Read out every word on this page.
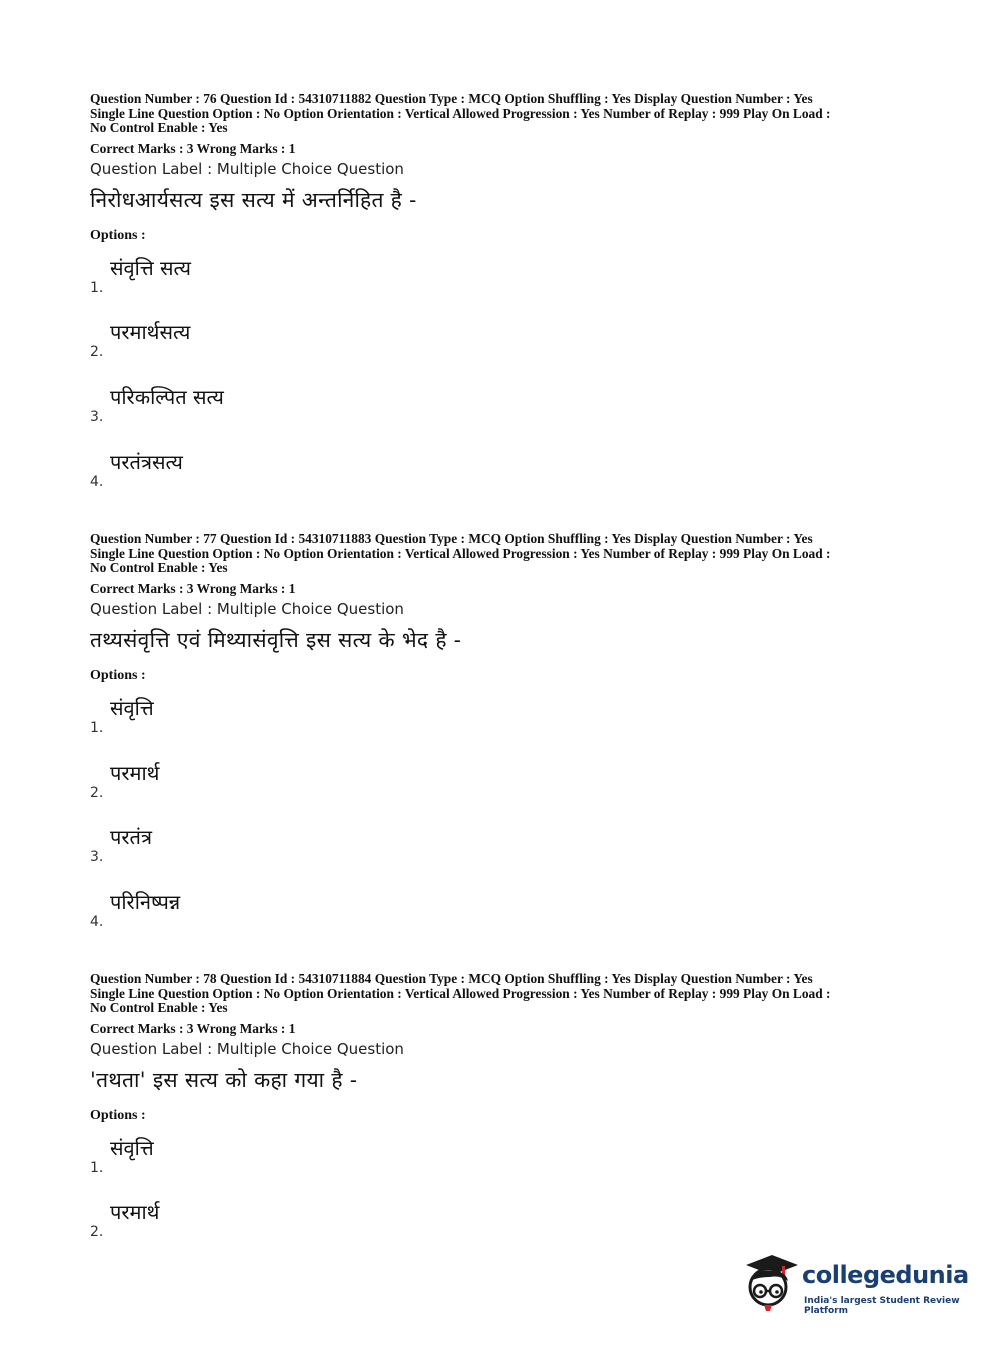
Question Number : 76 Question Id : 54310711882 Question Type : MCQ Option Shuffling : Yes Display Question Number : Yes
Single Line Question Option : No Option Orientation : Vertical Allowed Progression : Yes Number of Replay : 999 Play On Load :
No Control Enable : Yes
Correct Marks : 3 Wrong Marks : 1
Question Label : Multiple Choice Question
निरोधआर्यसत्य इस सत्य में अन्तर्निहित है -
Options :
1.
संवृत्ति सत्य
2.
परमार्थसत्य
3.
परिकल्पित सत्य
4.
परतंत्रसत्य
Question Number : 77 Question Id : 54310711883 Question Type : MCQ Option Shuffling : Yes Display Question Number : Yes
Single Line Question Option : No Option Orientation : Vertical Allowed Progression : Yes Number of Replay : 999 Play On Load :
No Control Enable : Yes
Correct Marks : 3 Wrong Marks : 1
Question Label : Multiple Choice Question
तथ्यसंवृत्ति एवं मिथ्यासंवृत्ति इस सत्य के भेद है -
Options :
1.
संवृत्ति
2.
परमार्थ
3.
परतंत्र
4.
परिनिष्पन्न
Question Number : 78 Question Id : 54310711884 Question Type : MCQ Option Shuffling : Yes Display Question Number : Yes
Single Line Question Option : No Option Orientation : Vertical Allowed Progression : Yes Number of Replay : 999 Play On Load :
No Control Enable : Yes
Correct Marks : 3 Wrong Marks : 1
Question Label : Multiple Choice Question
'तथता' इस सत्य को कहा गया है -
Options :
1.
संवृत्ति
2.
परमार्थ
collegedunia
India's largest Student Review Platform
